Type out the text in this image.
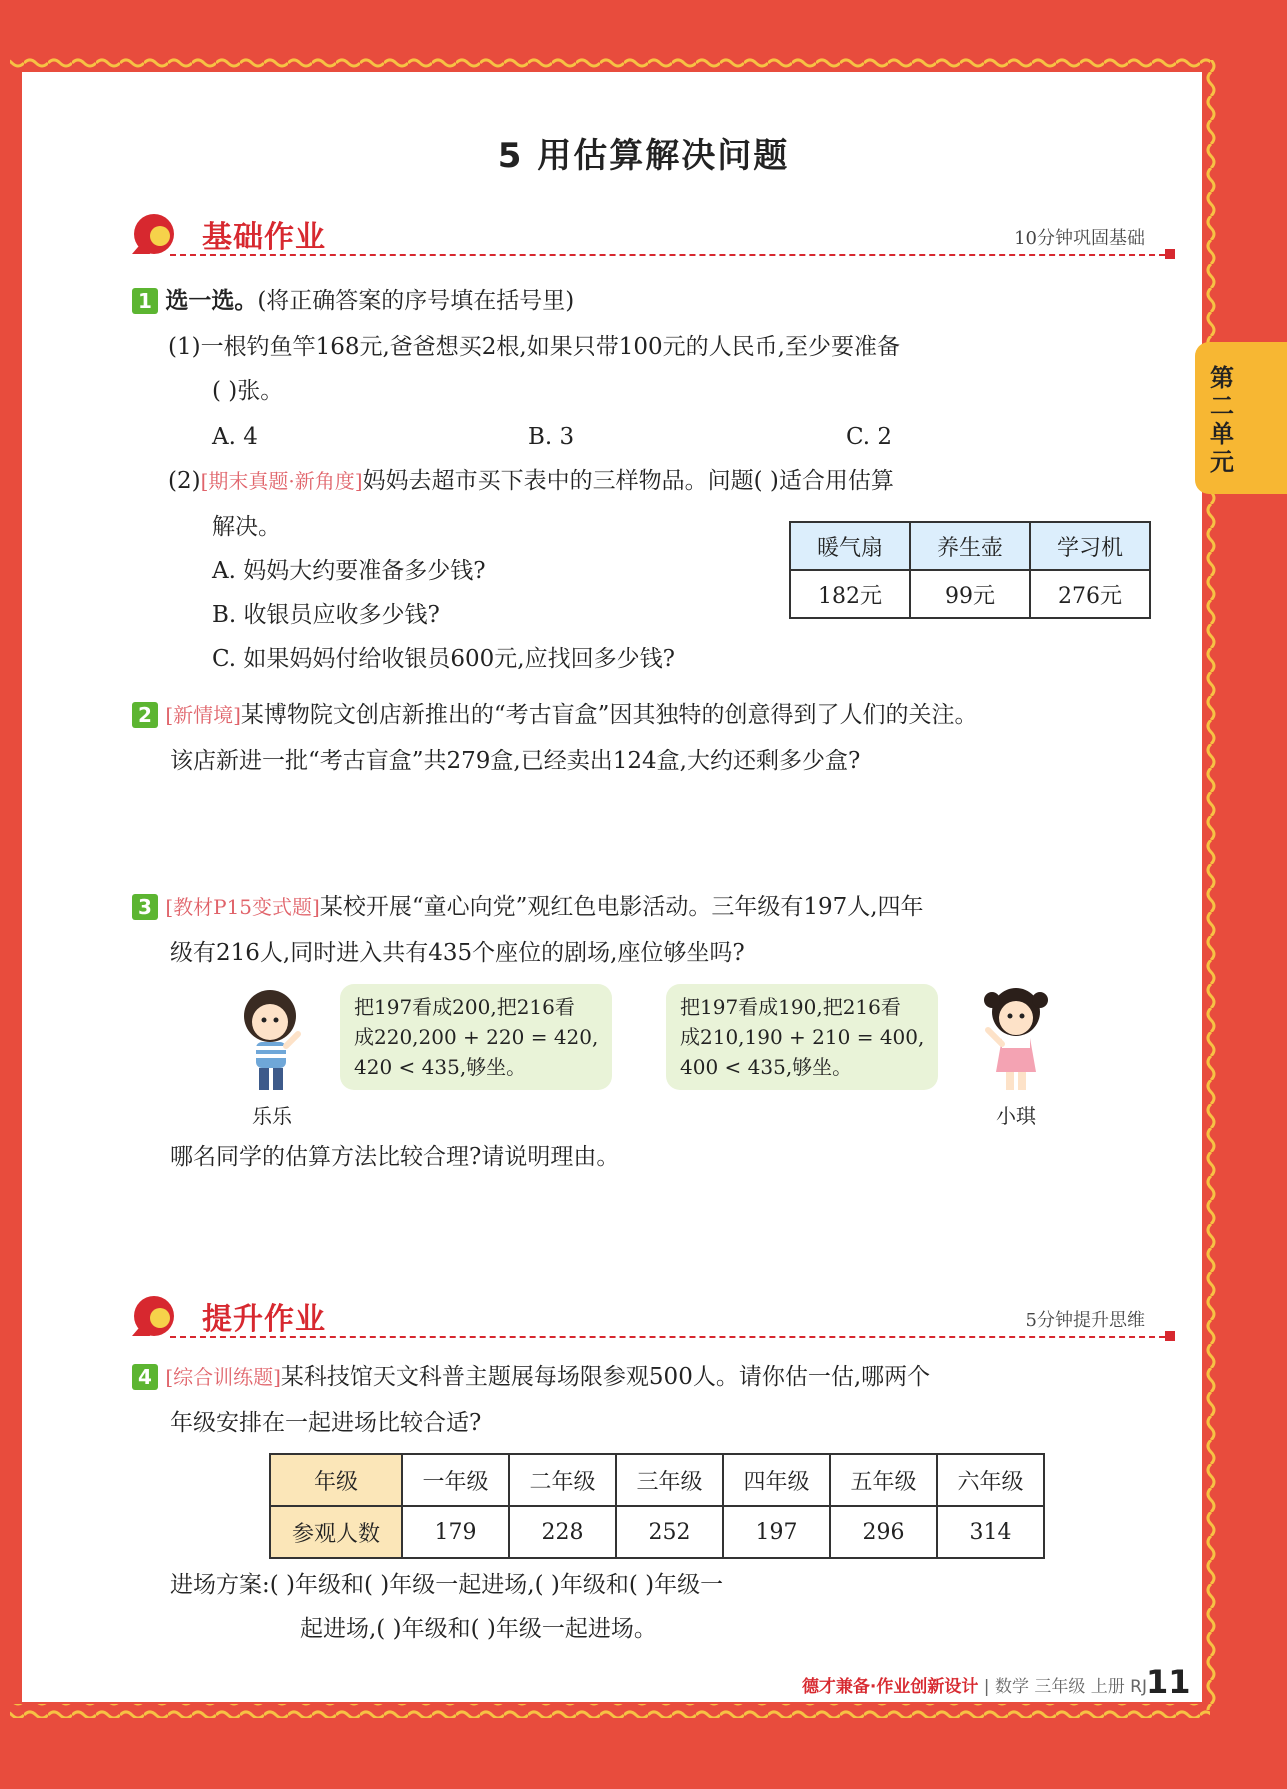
第二单元
5 用估算解决问题
基础作业	10分钟巩固基础
1 选一选。(将正确答案的序号填在括号里)
(1)一根钓鱼竿168元,爸爸想买2根,如果只带100元的人民币,至少要准备
( )张。
A. 4	B. 3	C. 2
(2)[期末真题·新角度]妈妈去超市买下表中的三样物品。问题( )适合用估算
解决。
A. 妈妈大约要准备多少钱?
B. 收银员应收多少钱?
C. 如果妈妈付给收银员600元,应找回多少钱?
暖气扇	养生壶	学习机
182元	99元	276元
2 [新情境]某博物院文创店新推出的“考古盲盒”因其独特的创意得到了人们的关注。
该店新进一批“考古盲盒”共279盒,已经卖出124盒,大约还剩多少盒?
3 [教材P15变式题]某校开展“童心向党”观红色电影活动。三年级有197人,四年
级有216人,同时进入共有435个座位的剧场,座位够坐吗?
乐乐
把197看成200,把216看
成220,200 + 220 = 420,
420 < 435,够坐。
把197看成190,把216看
成210,190 + 210 = 400,
400 < 435,够坐。
小琪
哪名同学的估算方法比较合理?请说明理由。
提升作业	5分钟提升思维
4 [综合训练题]某科技馆天文科普主题展每场限参观500人。请你估一估,哪两个
年级安排在一起进场比较合适?
年级	一年级	二年级	三年级	四年级	五年级	六年级
参观人数	179	228	252	197	296	314
进场方案:( )年级和( )年级一起进场,( )年级和( )年级一
起进场,( )年级和( )年级一起进场。
德才兼备·作业创新设计 | 数学 三年级 上册 RJ 11
